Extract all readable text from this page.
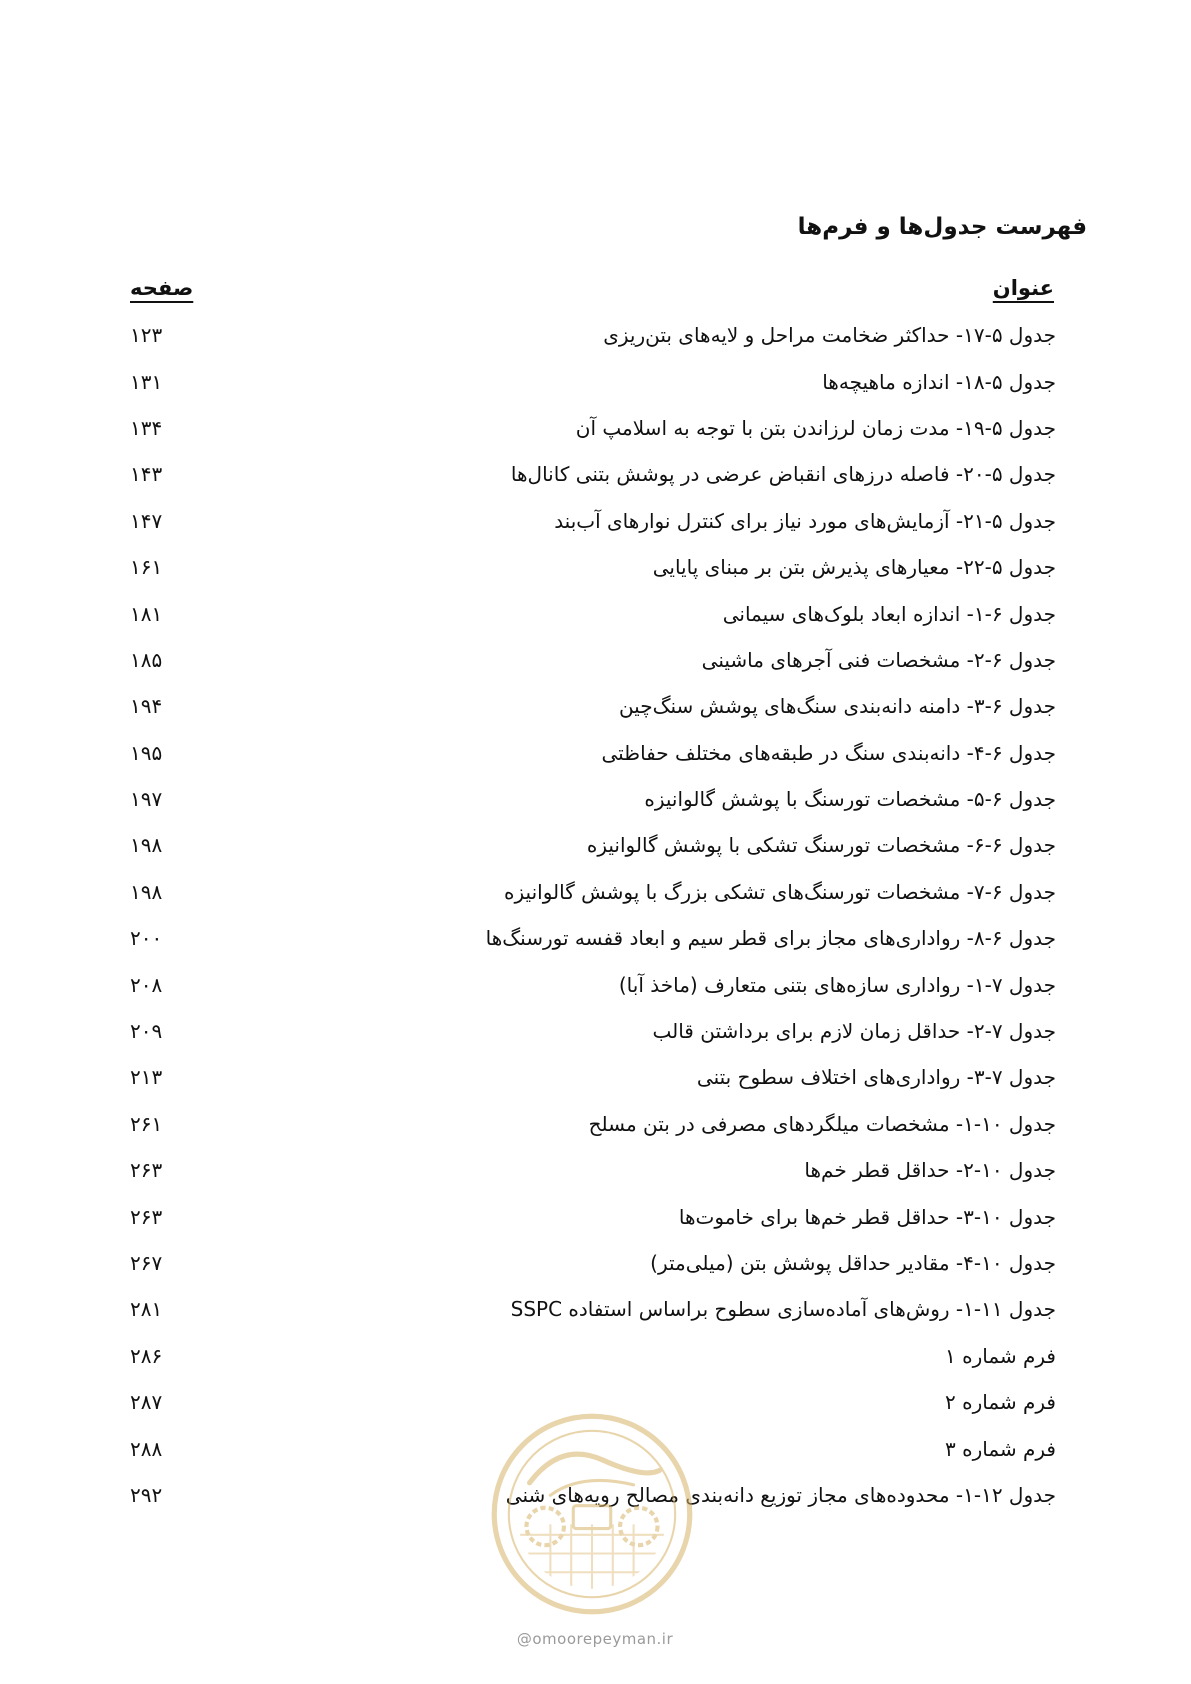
فهرست جدول‌ها و فرم‌ها
عنوان
صفحه
جدول ۵-۱۷- حداکثر ضخامت مراحل و لایه‌های بتن‌ریزی
۱۲۳
جدول ۵-۱۸- اندازه ماهیچه‌ها
۱۳۱
جدول ۵-۱۹- مدت زمان لرزاندن بتن با توجه به اسلامپ آن
۱۳۴
جدول ۵-۲۰- فاصله درزهای انقباض عرضی در پوشش بتنی کانال‌ها
۱۴۳
جدول ۵-۲۱- آزمایش‌های مورد نیاز برای کنترل نوارهای آب‌بند
۱۴۷
جدول ۵-۲۲- معیارهای پذیرش بتن بر مبنای پایایی
۱۶۱
جدول ۶-۱- اندازه ابعاد بلوک‌های سیمانی
۱۸۱
جدول ۶-۲- مشخصات فنی آجرهای ماشینی
۱۸۵
جدول ۶-۳- دامنه دانه‌بندی سنگ‌های پوشش سنگ‌چین
۱۹۴
جدول ۶-۴- دانه‌بندی سنگ در طبقه‌های مختلف حفاظتی
۱۹۵
جدول ۶-۵- مشخصات تورسنگ با پوشش گالوانیزه
۱۹۷
جدول ۶-۶- مشخصات تورسنگ تشکی با پوشش گالوانیزه
۱۹۸
جدول ۶-۷- مشخصات تورسنگ‌های تشکی بزرگ با پوشش گالوانیزه
۱۹۸
جدول ۶-۸- رواداری‌های مجاز برای قطر سیم و ابعاد قفسه تورسنگ‌ها
۲۰۰
جدول ۷-۱- رواداری سازه‌های بتنی متعارف (ماخذ آبا)
۲۰۸
جدول ۷-۲- حداقل زمان لازم برای برداشتن قالب
۲۰۹
جدول ۷-۳- رواداری‌های اختلاف سطوح بتنی
۲۱۳
جدول ۱۰-۱- مشخصات میلگردهای مصرفی در بتن مسلح
۲۶۱
جدول ۱۰-۲- حداقل قطر خم‌ها
۲۶۳
جدول ۱۰-۳- حداقل قطر خم‌ها برای خاموت‌ها
۲۶۳
جدول ۱۰-۴- مقادیر حداقل پوشش بتن (میلی‌متر)
۲۶۷
جدول ۱۱-۱- روش‌های آماده‌سازی سطوح براساس استفاده SSPC
۲۸۱
فرم شماره ۱
۲۸۶
فرم شماره ۲
۲۸۷
فرم شماره ۳
۲۸۸
جدول ۱۲-۱- محدوده‌های مجاز توزیع دانه‌بندی مصالح رویه‌های شنی
۲۹۲
@omoorepeyman.ir
